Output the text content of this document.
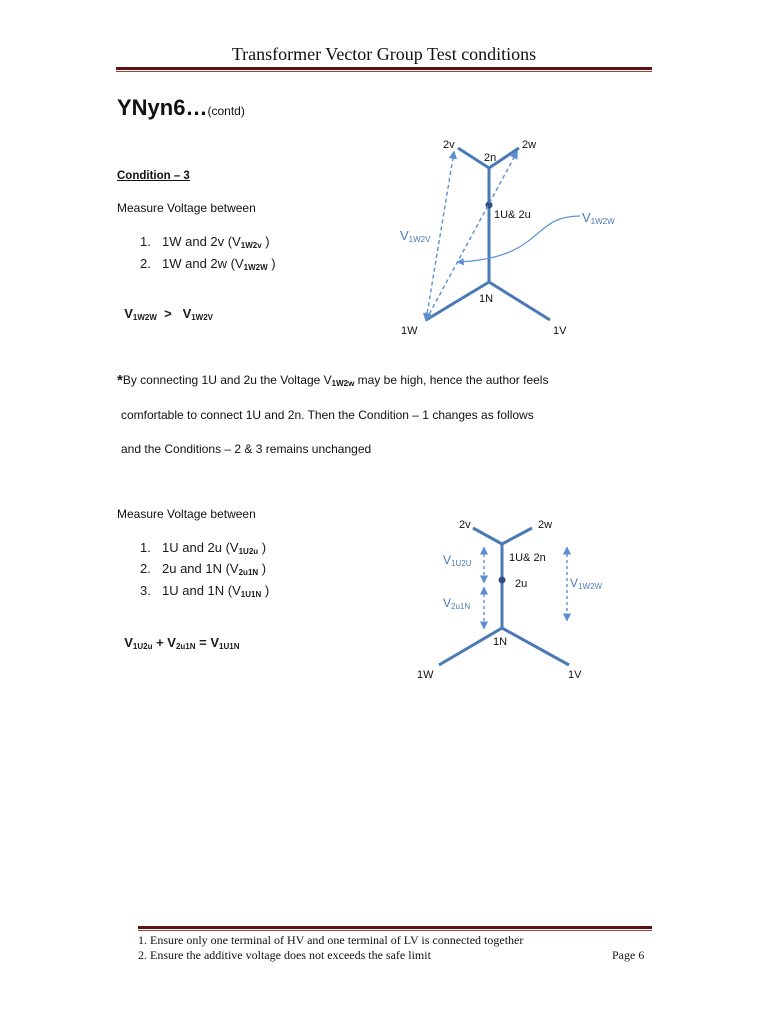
Transformer Vector Group Test conditions
YNyn6…(contd)
Condition – 3
Measure Voltage between
1. 1W and 2v ($V_{1W2v}$ )
2. 1W and 2w ($V_{1W2W}$ )

$V_{1W2W} > V_{1W2V}$

2v	2w
2n
1U& 2u
1N
1W	1V
V1W2V
V1W2W
*By connecting 1U and 2u the Voltage $V_{1W2w}$ may be high, hence the author feels
comfortable to connect 1U and 2n. Then the Condition – 1 changes as follows
and the Conditions – 2 & 3 remains unchanged
Measure Voltage between
1. 1U and 2u ($V_{1U2u}$ )
2. 2u and 1N ($V_{2u1N}$ )
3. 1U and 1N ($V_{1U1N}$ )

$V_{1U2u} + V_{2u1N} = V_{1U1N}$

2v	2w
1U& 2n
2u
1N
1W	1V
V1U2U
V2u1N
V1W2W
1. Ensure only one terminal of HV and one terminal of LV is connected together
2. Ensure the additive voltage does not exceeds the safe limit	Page 6
